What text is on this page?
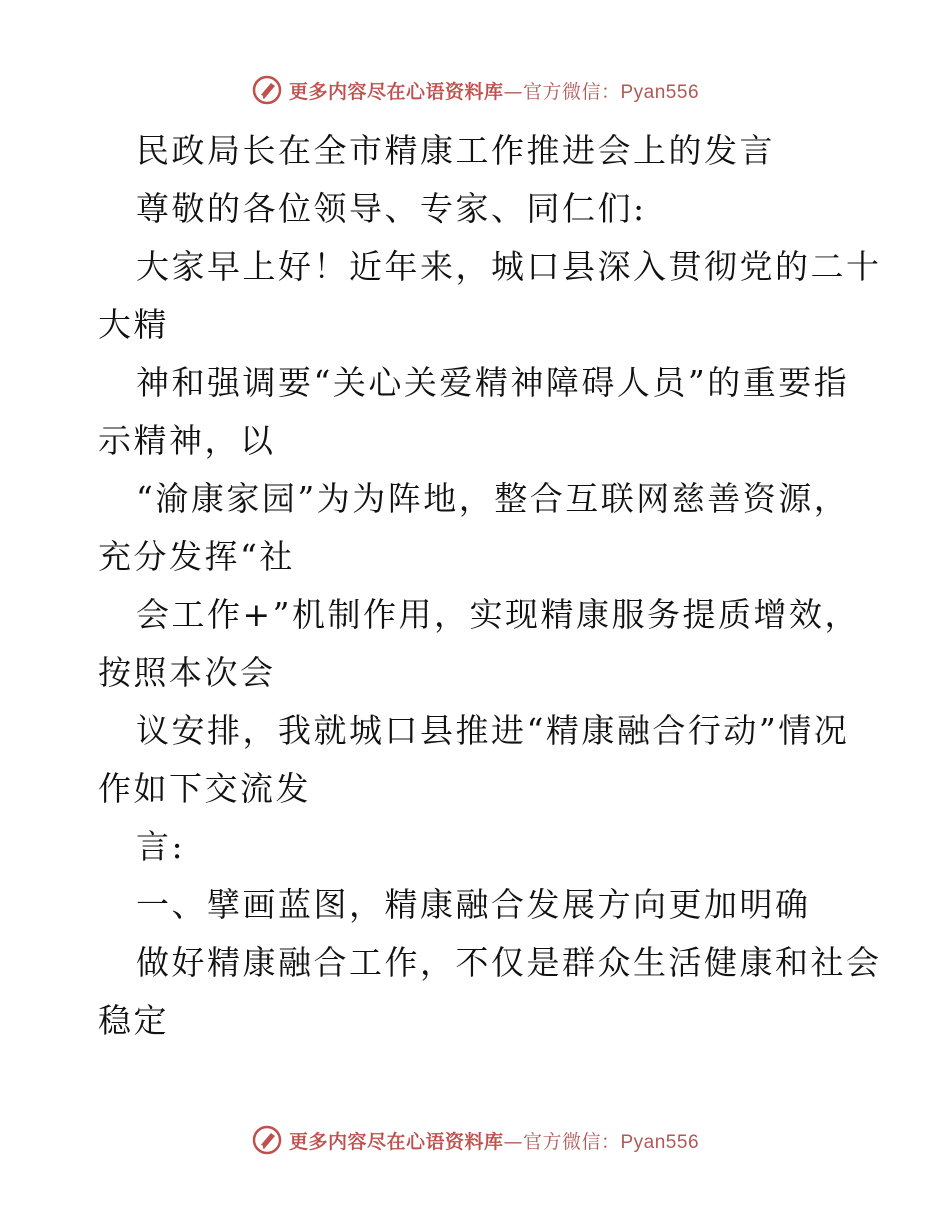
更多内容尽在心语资料库—官方微信：Pyan556
民政局长在全市精康工作推进会上的发言
尊敬的各位领导、专家、同仁们:
大家早上好！近年来，城口县深入贯彻党的二十
大精
神和强调要“关心关爱精神障碍人员”的重要指
示精神，以
“渝康家园”为为阵地，整合互联网慈善资源，
充分发挥“社
会工作+”机制作用，实现精康服务提质增效，
按照本次会
议安排，我就城口县推进“精康融合行动”情况
作如下交流发
言:
一、擘画蓝图，精康融合发展方向更加明确
做好精康融合工作，不仅是群众生活健康和社会
稳定
更多内容尽在心语资料库—官方微信：Pyan556
